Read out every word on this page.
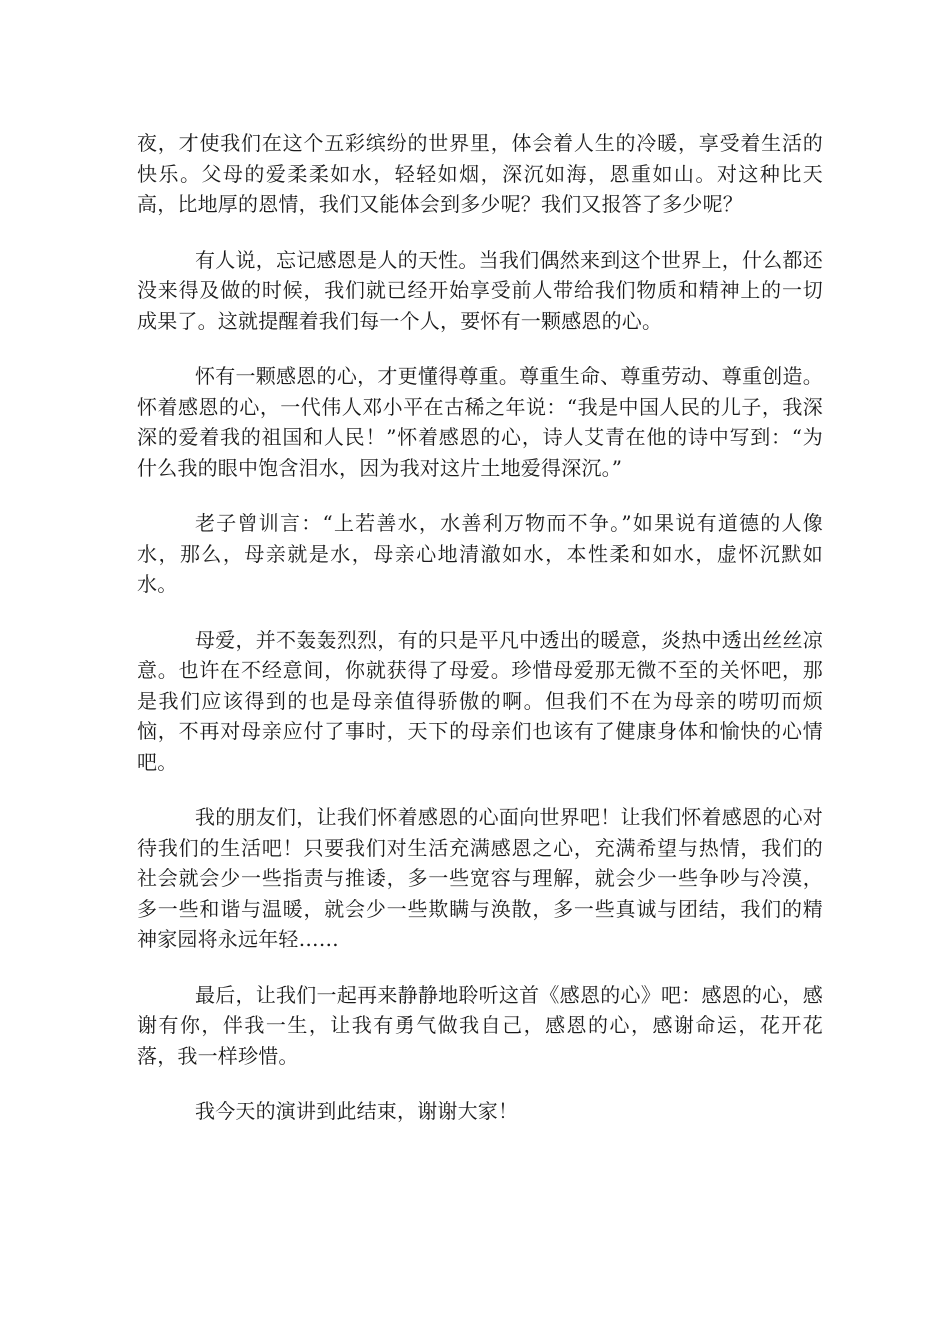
夜，才使我们在这个五彩缤纷的世界里，体会着人生的冷暖，享受着生活的快乐。父母的爱柔柔如水，轻轻如烟，深沉如海，恩重如山。对这种比天高，比地厚的恩情，我们又能体会到多少呢？我们又报答了多少呢？

有人说，忘记感恩是人的天性。当我们偶然来到这个世界上，什么都还没来得及做的时候，我们就已经开始享受前人带给我们物质和精神上的一切成果了。这就提醒着我们每一个人，要怀有一颗感恩的心。

怀有一颗感恩的心，才更懂得尊重。尊重生命、尊重劳动、尊重创造。怀着感恩的心，一代伟人邓小平在古稀之年说：“我是中国人民的儿子，我深深的爱着我的祖国和人民！”怀着感恩的心，诗人艾青在他的诗中写到：“为什么我的眼中饱含泪水，因为我对这片土地爱得深沉。”

老子曾训言：“上若善水，水善利万物而不争。”如果说有道德的人像水，那么，母亲就是水，母亲心地清澈如水，本性柔和如水，虚怀沉默如水。

母爱，并不轰轰烈烈，有的只是平凡中透出的暖意，炎热中透出丝丝凉意。也许在不经意间，你就获得了母爱。珍惜母爱那无微不至的关怀吧，那是我们应该得到的也是母亲值得骄傲的啊。但我们不在为母亲的唠叨而烦恼，不再对母亲应付了事时，天下的母亲们也该有了健康身体和愉快的心情吧。

我的朋友们，让我们怀着感恩的心面向世界吧！让我们怀着感恩的心对待我们的生活吧！只要我们对生活充满感恩之心，充满希望与热情，我们的社会就会少一些指责与推诿，多一些宽容与理解，就会少一些争吵与冷漠，多一些和谐与温暖，就会少一些欺瞒与涣散，多一些真诚与团结，我们的精神家园将永远年轻……

最后，让我们一起再来静静地聆听这首《感恩的心》吧：感恩的心，感谢有你，伴我一生，让我有勇气做我自己，感恩的心，感谢命运，花开花落，我一样珍惜。

我今天的演讲到此结束，谢谢大家！
